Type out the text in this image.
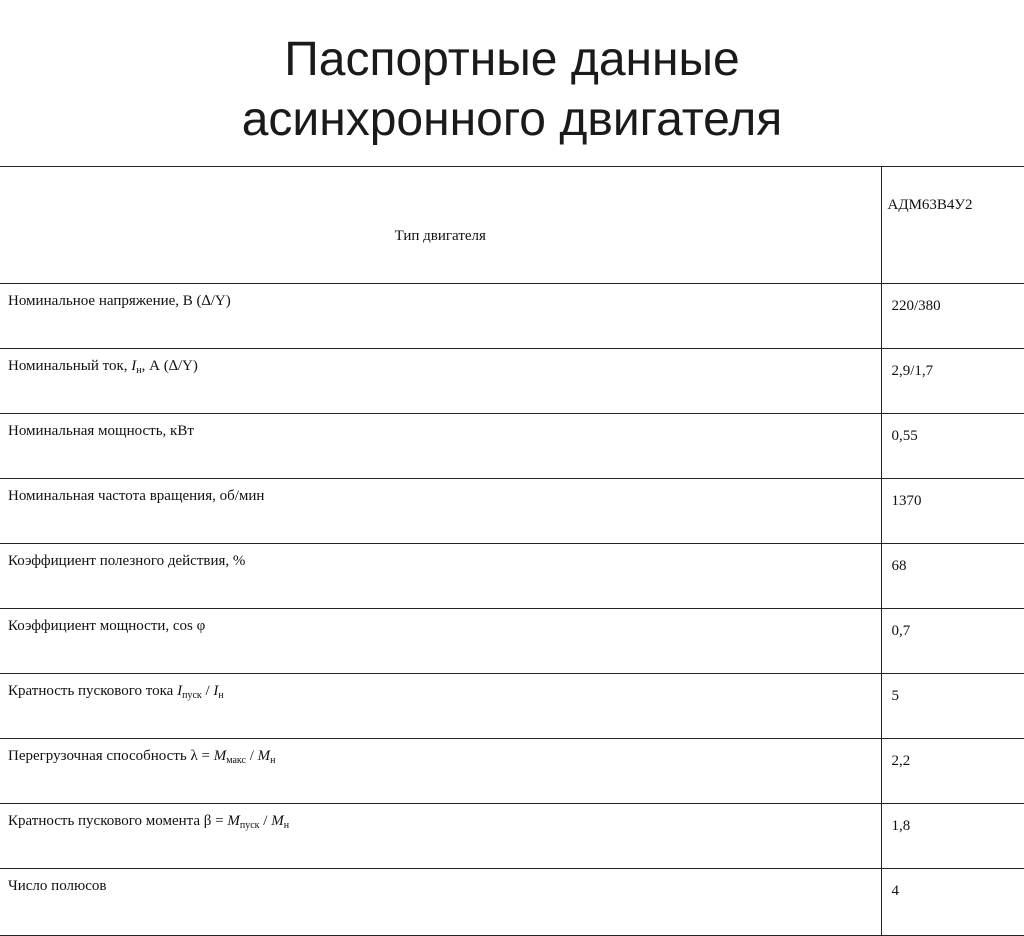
Паспортные данные
асинхронного двигателя
Тип двигателя	АДМ63В4У2
Номинальное напряжение, В (∆/Y)	220/380
Номинальный ток, $I_н$, А (∆/Y)	2,9/1,7
Номинальная мощность, кВт	0,55
Номинальная частота вращения, об/мин	1370
Коэффициент полезного действия, %	68
Коэффициент мощности, cos φ	0,7
Кратность пускового тока $I_{пуск} / I_н$	5
Перегрузочная способность $\lambda = M_{макс} / M_н$	2,2
Кратность пускового момента $\beta = M_{пуск} / M_н$	1,8
Число полюсов	4
